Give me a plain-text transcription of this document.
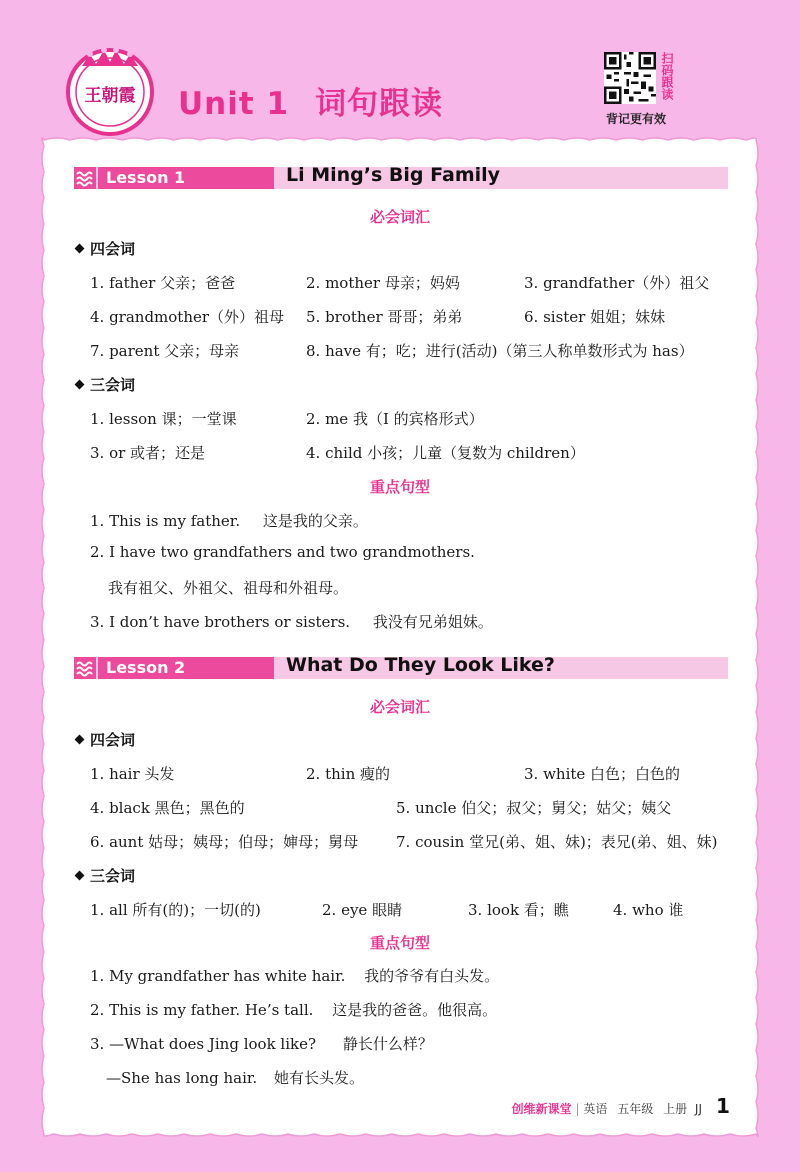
王朝霞 Unit 1 词句跟读
扫码跟读
背记更有效
Lesson 1	Li Ming’s Big Family
必会词汇
四会词
1. father 父亲；爸爸	2. mother 母亲；妈妈	3. grandfather（外）祖父
4. grandmother（外）祖母 5. brother 哥哥；弟弟	6. sister 姐姐；妹妹
7. parent 父亲；母亲	8. have 有；吃；进行(活动)（第三人称单数形式为 has）
三会词
1. lesson 课；一堂课	2. me 我（I 的宾格形式）
3. or 或者；还是	4. child 小孩；儿童（复数为 children）
重点句型
1. This is my father. 这是我的父亲。
2. I have two grandfathers and two grandmothers.
我有祖父、外祖父、祖母和外祖母。
3. I don’t have brothers or sisters. 我没有兄弟姐妹。
Lesson 2	What Do They Look Like?
必会词汇
四会词
1. hair 头发	2. thin 瘦的	3. white 白色；白色的
4. black 黑色；黑色的	5. uncle 伯父；叔父；舅父；姑父；姨父
6. aunt 姑母；姨母；伯母；婶母；舅母	7. cousin 堂兄(弟、姐、妹)；表兄(弟、姐、妹)
三会词
1. all 所有(的)；一切(的)	2. eye 眼睛	3. look 看；瞧	4. who 谁
重点句型
1. My grandfather has white hair. 我的爷爷有白头发。
2. This is my father. He’s tall. 这是我的爸爸。他很高。
3. —What does Jing look like? 静长什么样？
—She has long hair. 她有长头发。
创维新课堂 | 英语 五年级 上册 JJ 1
